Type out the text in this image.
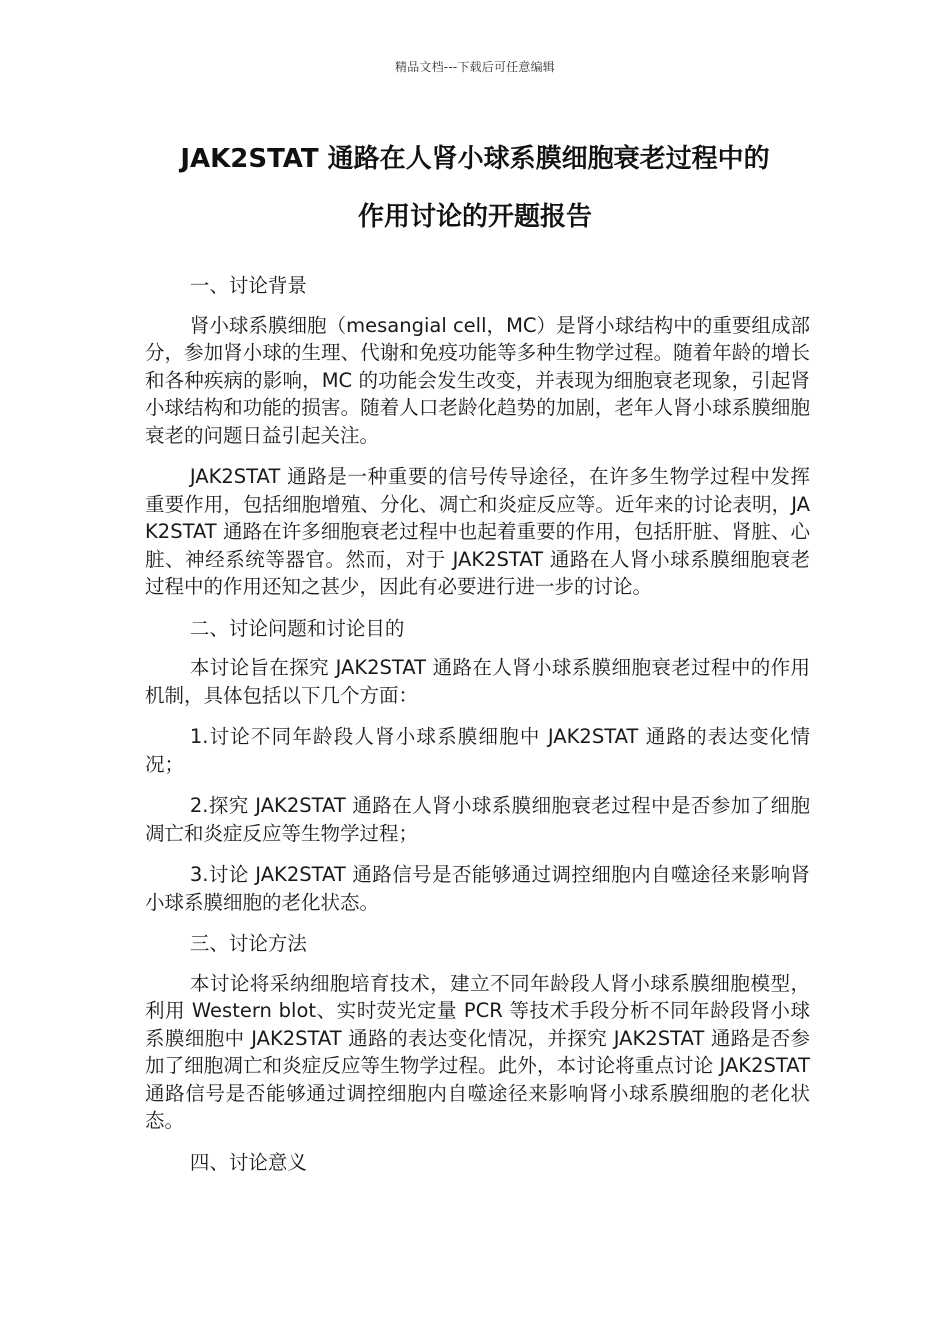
精品文档---下载后可任意编辑
JAK2STAT 通路在人肾小球系膜细胞衰老过程中的
作用讨论的开题报告

一、讨论背景

肾小球系膜细胞（mesangial cell，MC）是肾小球结构中的重要组成部分，参加肾小球的生理、代谢和免疫功能等多种生物学过程。随着年龄的增长和各种疾病的影响，MC 的功能会发生改变，并表现为细胞衰老现象，引起肾小球结构和功能的损害。随着人口老龄化趋势的加剧，老年人肾小球系膜细胞衰老的问题日益引起关注。

JAK2STAT 通路是一种重要的信号传导途径，在许多生物学过程中发挥重要作用，包括细胞增殖、分化、凋亡和炎症反应等。近年来的讨论表明，JAK2STAT 通路在许多细胞衰老过程中也起着重要的作用，包括肝脏、肾脏、心脏、神经系统等器官。然而，对于 JAK2STAT 通路在人肾小球系膜细胞衰老过程中的作用还知之甚少，因此有必要进行进一步的讨论。

二、讨论问题和讨论目的

本讨论旨在探究 JAK2STAT 通路在人肾小球系膜细胞衰老过程中的作用机制，具体包括以下几个方面：

1.讨论不同年龄段人肾小球系膜细胞中 JAK2STAT 通路的表达变化情况；

2.探究 JAK2STAT 通路在人肾小球系膜细胞衰老过程中是否参加了细胞凋亡和炎症反应等生物学过程；

3.讨论 JAK2STAT 通路信号是否能够通过调控细胞内自噬途径来影响肾小球系膜细胞的老化状态。

三、讨论方法

本讨论将采纳细胞培育技术，建立不同年龄段人肾小球系膜细胞模型，利用 Western blot、实时荧光定量 PCR 等技术手段分析不同年龄段肾小球系膜细胞中 JAK2STAT 通路的表达变化情况，并探究 JAK2STAT 通路是否参加了细胞凋亡和炎症反应等生物学过程。此外，本讨论将重点讨论 JAK2STAT 通路信号是否能够通过调控细胞内自噬途径来影响肾小球系膜细胞的老化状态。

四、讨论意义
